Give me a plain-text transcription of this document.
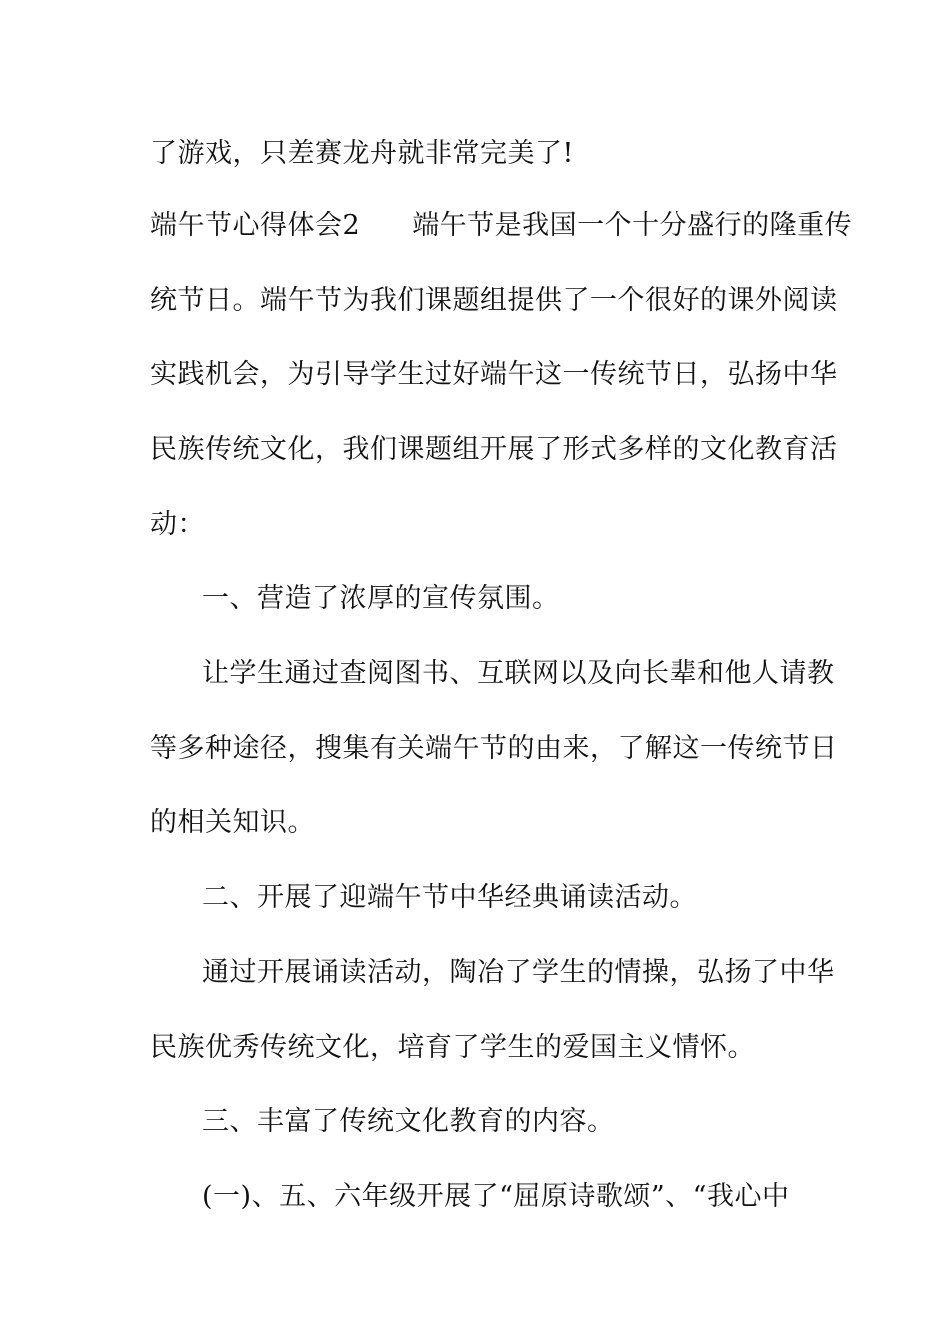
了游戏，只差赛龙舟就非常完美了!
端午节心得体会2 端午节是我国一个十分盛行的隆重传
统节日。端午节为我们课题组提供了一个很好的课外阅读
实践机会，为引导学生过好端午这一传统节日，弘扬中华
民族传统文化，我们课题组开展了形式多样的文化教育活
动：
一、营造了浓厚的宣传氛围。
让学生通过查阅图书、互联网以及向长辈和他人请教
等多种途径，搜集有关端午节的由来，了解这一传统节日
的相关知识。
二、开展了迎端午节中华经典诵读活动。
通过开展诵读活动，陶冶了学生的情操，弘扬了中华
民族优秀传统文化，培育了学生的爱国主义情怀。
三、丰富了传统文化教育的内容。
(一)、五、六年级开展了“屈原诗歌颂”、“我心中
